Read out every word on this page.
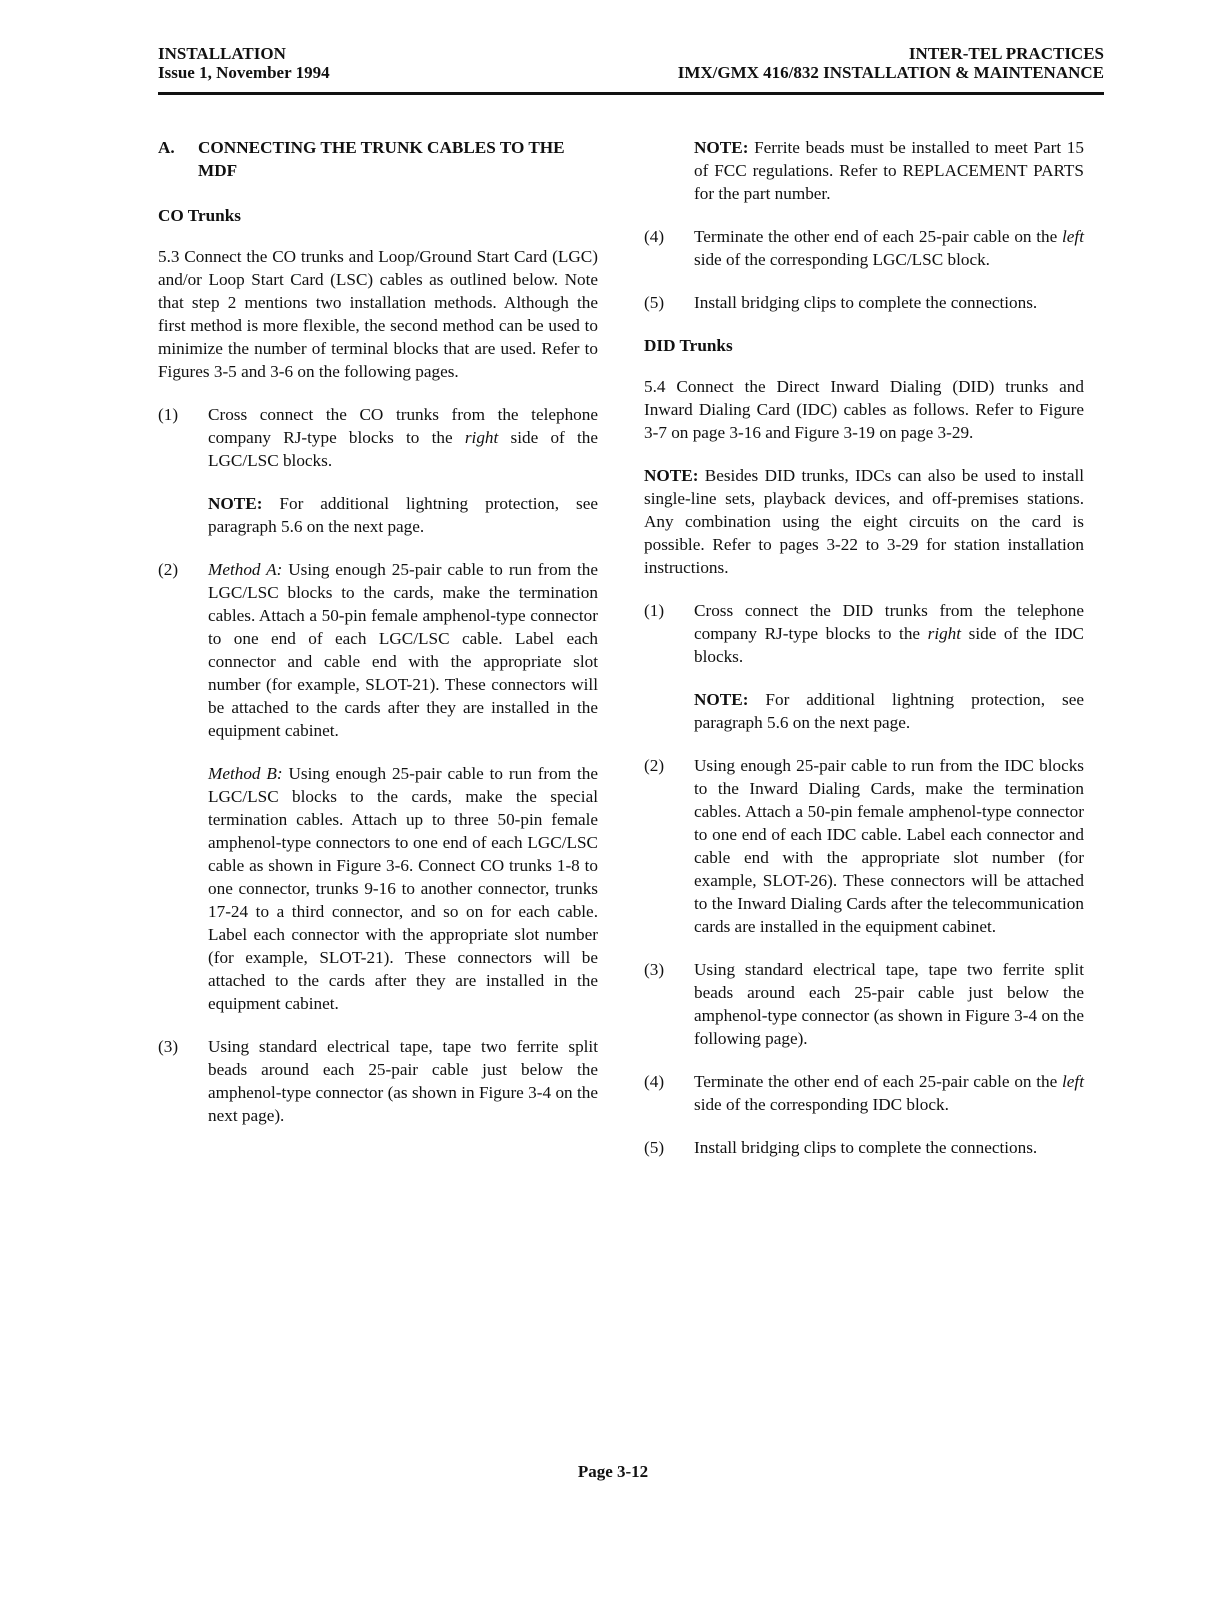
INSTALLATION
Issue 1, November 1994
INTER-TEL PRACTICES
IMX/GMX 416/832 INSTALLATION & MAINTENANCE
A.	CONNECTING THE TRUNK CABLES TO THE MDF
CO Trunks

5.3 Connect the CO trunks and Loop/Ground Start Card (LGC) and/or Loop Start Card (LSC) cables as outlined below. Note that step 2 mentions two installation methods. Although the first method is more flexible, the second method can be used to minimize the number of terminal blocks that are used. Refer to Figures 3-5 and 3-6 on the following pages.

(1)	Cross connect the CO trunks from the telephone company RJ-type blocks to the right side of the LGC/LSC blocks.

NOTE: For additional lightning protection, see paragraph 5.6 on the next page.

(2)	Method A: Using enough 25-pair cable to run from the LGC/LSC blocks to the cards, make the termination cables. Attach a 50-pin female amphenol-type connector to one end of each LGC/LSC cable. Label each connector and cable end with the appropriate slot number (for example, SLOT-21). These connectors will be attached to the cards after they are installed in the equipment cabinet.

Method B: Using enough 25-pair cable to run from the LGC/LSC blocks to the cards, make the special termination cables. Attach up to three 50-pin female amphenol-type connectors to one end of each LGC/LSC cable as shown in Figure 3-6. Connect CO trunks 1-8 to one connector, trunks 9-16 to another connector, trunks 17-24 to a third connector, and so on for each cable. Label each connector with the appropriate slot number (for example, SLOT-21). These connectors will be attached to the cards after they are installed in the equipment cabinet.

(3)	Using standard electrical tape, tape two ferrite split beads around each 25-pair cable just below the amphenol-type connector (as shown in Figure 3-4 on the next page).

NOTE: Ferrite beads must be installed to meet Part 15 of FCC regulations. Refer to REPLACEMENT PARTS for the part number.

(4)	Terminate the other end of each 25-pair cable on the left side of the corresponding LGC/LSC block.
(5)	Install bridging clips to complete the connections.
DID Trunks

5.4 Connect the Direct Inward Dialing (DID) trunks and Inward Dialing Card (IDC) cables as follows. Refer to Figure 3-7 on page 3-16 and Figure 3-19 on page 3-29.

NOTE: Besides DID trunks, IDCs can also be used to install single-line sets, playback devices, and off-premises stations. Any combination using the eight circuits on the card is possible. Refer to pages 3-22 to 3-29 for station installation instructions.

(1)	Cross connect the DID trunks from the telephone company RJ-type blocks to the right side of the IDC blocks.

NOTE: For additional lightning protection, see paragraph 5.6 on the next page.

(2)	Using enough 25-pair cable to run from the IDC blocks to the Inward Dialing Cards, make the termination cables. Attach a 50-pin female amphenol-type connector to one end of each IDC cable. Label each connector and cable end with the appropriate slot number (for example, SLOT-26). These connectors will be attached to the Inward Dialing Cards after the telecommunication cards are installed in the equipment cabinet.
(3)	Using standard electrical tape, tape two ferrite split beads around each 25-pair cable just below the amphenol-type connector (as shown in Figure 3-4 on the following page).
(4)	Terminate the other end of each 25-pair cable on the left side of the corresponding IDC block.
(5)	Install bridging clips to complete the connections.
Page 3-12
